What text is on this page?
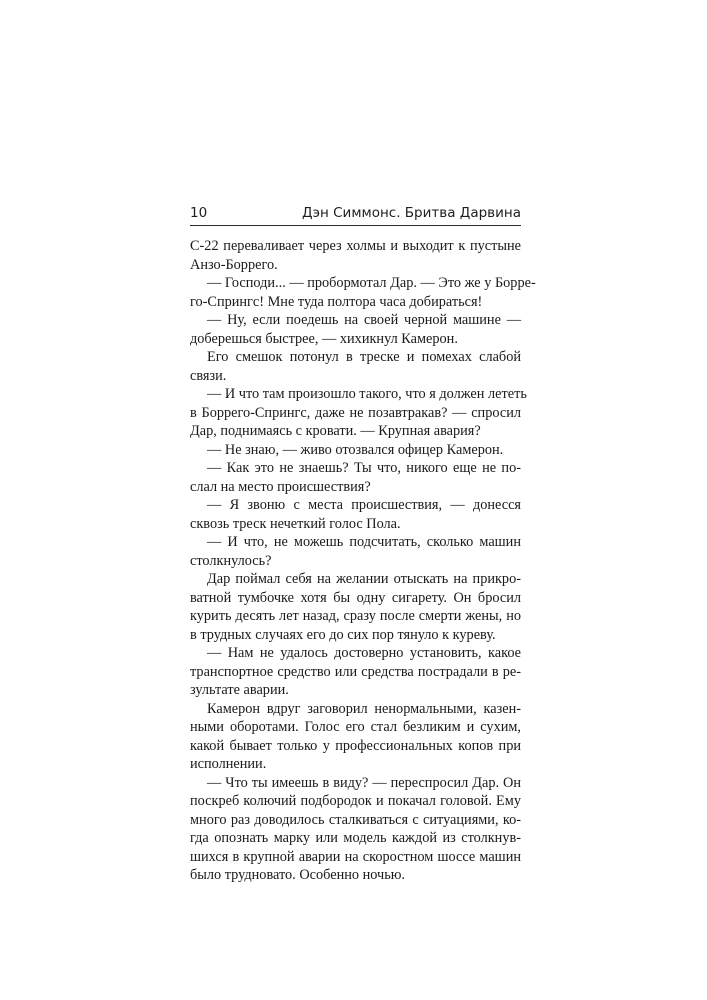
10	Дэн Симмонс. Бритва Дарвина

С-22 переваливает через холмы и выходит к пустыне
Анзо-Боррего.

— Господи... — пробормотал Дар. — Это же у Борре-
го-Спрингс! Мне туда полтора часа добираться!

— Ну, если поедешь на своей черной машине —
доберешься быстрее, — хихикнул Камерон.

Его смешок потонул в треске и помехах слабой
связи.

— И что там произошло такого, что я должен лететь
в Боррего-Спрингс, даже не позавтракав? — спросил
Дар, поднимаясь с кровати. — Крупная авария?

— Не знаю, — живо отозвался офицер Камерон.

— Как это не знаешь? Ты что, никого еще не по-
слал на место происшествия?

— Я звоню с места происшествия, — донесся
сквозь треск нечеткий голос Пола.

— И что, не можешь подсчитать, сколько машин
столкнулось?

Дар поймал себя на желании отыскать на прикро-
ватной тумбочке хотя бы одну сигарету. Он бросил
курить десять лет назад, сразу после смерти жены, но
в трудных случаях его до сих пор тянуло к куреву.

— Нам не удалось достоверно установить, какое
транспортное средство или средства пострадали в ре-
зультате аварии.

Камерон вдруг заговорил ненормальными, казен-
ными оборотами. Голос его стал безликим и сухим,
какой бывает только у профессиональных копов при
исполнении.

— Что ты имеешь в виду? — переспросил Дар. Он
поскреб колючий подбородок и покачал головой. Ему
много раз доводилось сталкиваться с ситуациями, ко-
гда опознать марку или модель каждой из столкнув-
шихся в крупной аварии на скоростном шоссе машин
было трудновато. Особенно ночью.
